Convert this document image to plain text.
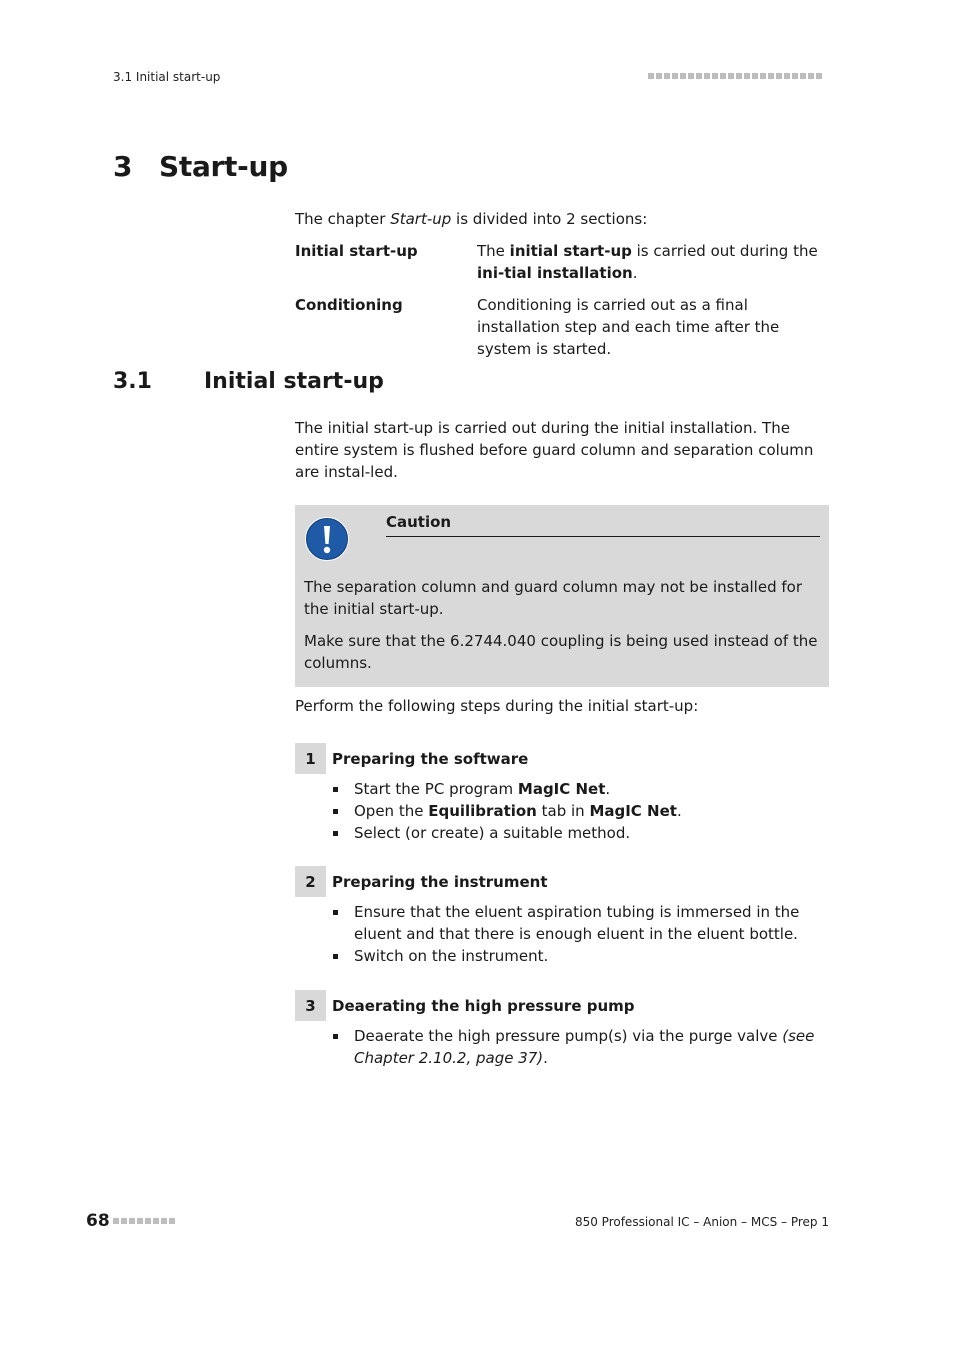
3.1 Initial start-up
3 Start-up
The chapter Start-up is divided into 2 sections:
Initial start-up	The initial start-up is carried out during the ini-tial installation.
Conditioning	Conditioning is carried out as a final installation step and each time after the system is started.
3.1 Initial start-up
The initial start-up is carried out during the initial installation. The entire system is flushed before guard column and separation column are instal-led.
Caution

The separation column and guard column may not be installed for the initial start-up.

Make sure that the 6.2744.040 coupling is being used instead of the columns.

Perform the following steps during the initial start-up:
1	Preparing the software
Start the PC program MagIC Net.
Open the Equilibration tab in MagIC Net.
Select (or create) a suitable method.
2	Preparing the instrument
Ensure that the eluent aspiration tubing is immersed in the eluent and that there is enough eluent in the eluent bottle.
Switch on the instrument.
3	Deaerating the high pressure pump
Deaerate the high pressure pump(s) via the purge valve (see Chapter 2.10.2, page 37).
68	850 Professional IC – Anion – MCS – Prep 1
